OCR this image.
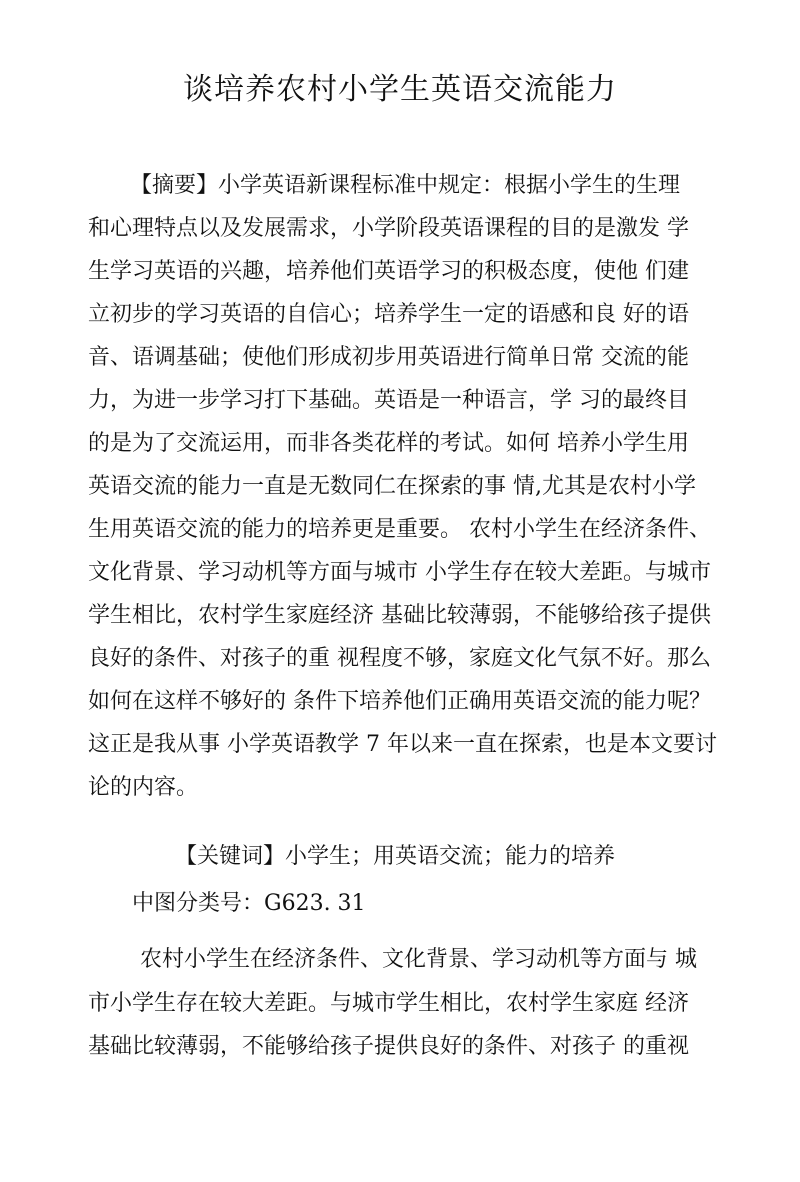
谈培养农村小学生英语交流能力

【摘要】小学英语新课程标准中规定：根据小学生的生理

和心理特点以及发展需求，小学阶段英语课程的目的是激发 学

生学习英语的兴趣，培养他们英语学习的积极态度，使他 们建

立初步的学习英语的自信心；培养学生一定的语感和良 好的语

音、语调基础；使他们形成初步用英语进行简单日常 交流的能

力，为进一步学习打下基础。英语是一种语言，学 习的最终目

的是为了交流运用，而非各类花样的考试。如何 培养小学生用

英语交流的能力一直是无数同仁在探索的事 情,尤其是农村小学

生用英语交流的能力的培养更是重要。 农村小学生在经济条件、

文化背景、学习动机等方面与城市 小学生存在较大差距。与城市

学生相比，农村学生家庭经济 基础比较薄弱，不能够给孩子提供

良好的条件、对孩子的重 视程度不够，家庭文化气氛不好。那么

如何在这样不够好的 条件下培养他们正确用英语交流的能力呢？

这正是我从事 小学英语教学 7 年以来一直在探索，也是本文要讨

论的内容。

【关键词】小学生；用英语交流；能力的培养

中图分类号：G623. 31

农村小学生在经济条件、文化背景、学习动机等方面与 城

市小学生存在较大差距。与城市学生相比，农村学生家庭 经济

基础比较薄弱，不能够给孩子提供良好的条件、对孩子 的重视
